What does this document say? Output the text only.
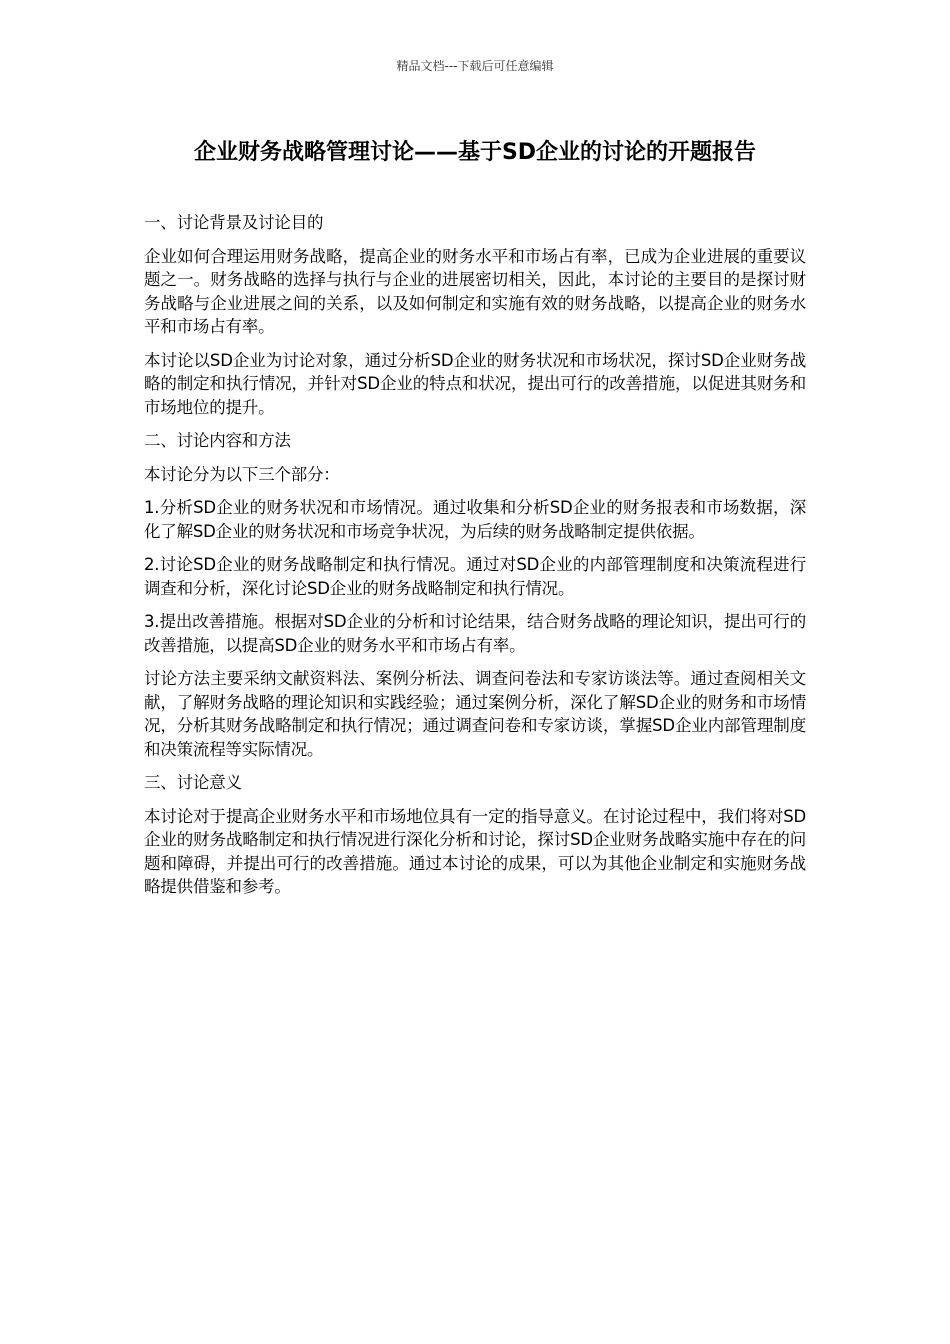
精品文档---下载后可任意编辑
企业财务战略管理讨论——基于SD企业的讨论的开题报告

一、讨论背景及讨论目的

企业如何合理运用财务战略，提高企业的财务水平和市场占有率，已成为企业进展的重要议题之一。财务战略的选择与执行与企业的进展密切相关，因此，本讨论的主要目的是探讨财务战略与企业进展之间的关系，以及如何制定和实施有效的财务战略，以提高企业的财务水平和市场占有率。

本讨论以SD企业为讨论对象，通过分析SD企业的财务状况和市场状况，探讨SD企业财务战略的制定和执行情况，并针对SD企业的特点和状况，提出可行的改善措施，以促进其财务和市场地位的提升。

二、讨论内容和方法

本讨论分为以下三个部分：

1.分析SD企业的财务状况和市场情况。通过收集和分析SD企业的财务报表和市场数据，深化了解SD企业的财务状况和市场竞争状况，为后续的财务战略制定提供依据。

2.讨论SD企业的财务战略制定和执行情况。通过对SD企业的内部管理制度和决策流程进行调查和分析，深化讨论SD企业的财务战略制定和执行情况。

3.提出改善措施。根据对SD企业的分析和讨论结果，结合财务战略的理论知识，提出可行的改善措施，以提高SD企业的财务水平和市场占有率。

讨论方法主要采纳文献资料法、案例分析法、调查问卷法和专家访谈法等。通过查阅相关文献，了解财务战略的理论知识和实践经验；通过案例分析，深化了解SD企业的财务和市场情况，分析其财务战略制定和执行情况；通过调查问卷和专家访谈，掌握SD企业内部管理制度和决策流程等实际情况。

三、讨论意义

本讨论对于提高企业财务水平和市场地位具有一定的指导意义。在讨论过程中，我们将对SD企业的财务战略制定和执行情况进行深化分析和讨论，探讨SD企业财务战略实施中存在的问题和障碍，并提出可行的改善措施。通过本讨论的成果，可以为其他企业制定和实施财务战略提供借鉴和参考。
